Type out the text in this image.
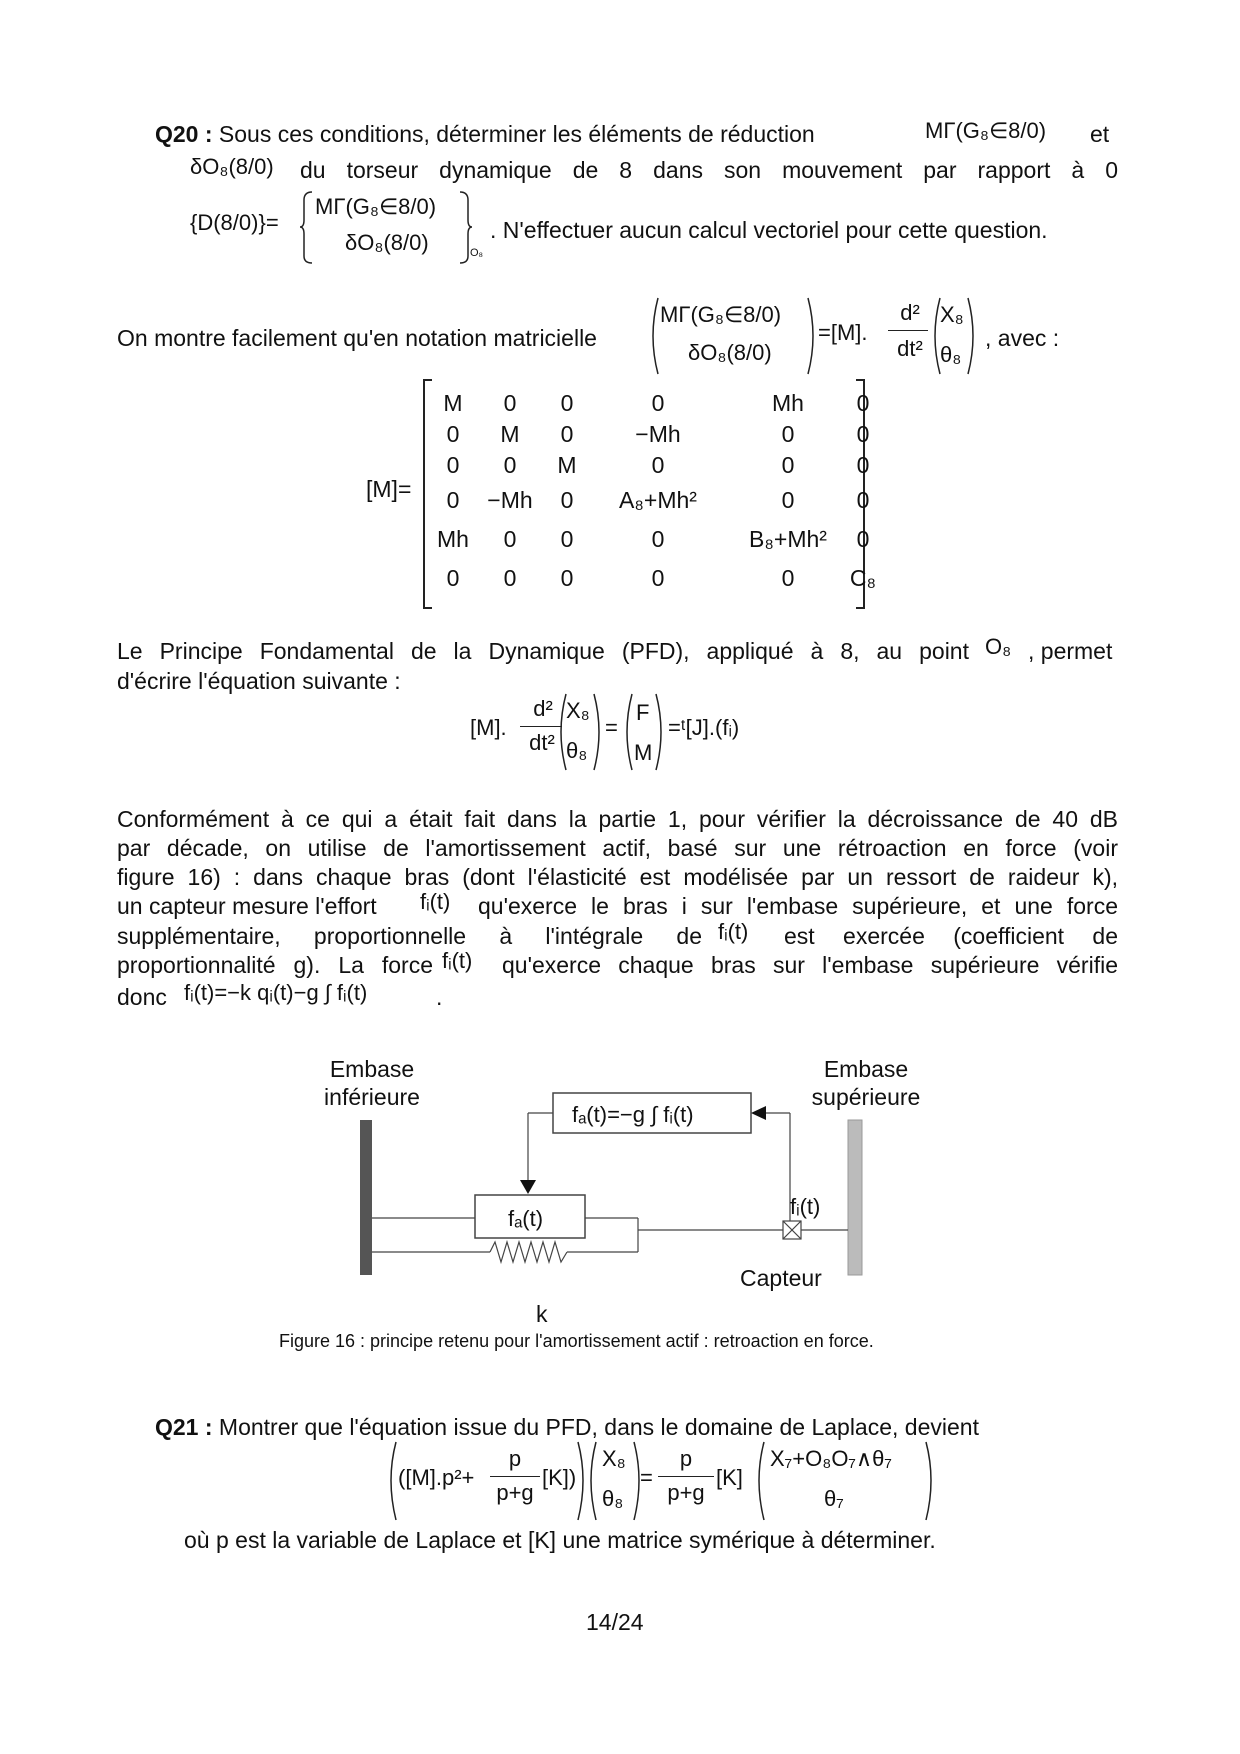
Q20 : Sous ces conditions, déterminer les éléments de réduction	MΓ(G₈∈8/0) et
δO₈(8/0) du torseur dynamique de 8 dans son mouvement par rapport à 0
{D(8/0)}=
MΓ(G₈∈8/0)
δO₈(8/0)	O₈
. N'effectuer aucun calcul vectoriel pour cette question.
On montre facilement qu'en notation matricielle
MΓ(G₈∈8/0)
δO₈(8/0)
=[M].
d²
dt²
X₈
θ₈
, avec :
[M]=
M	0	0	0	Mh	0
0	M	0	−Mh	0	0
0	0	M	0	0	0
0	−Mh	0	A₈+Mh²	0	0
Mh	0	0	0	B₈+Mh²	0
0	0	0	0	0	C₈
Le Principe Fondamental de la Dynamique (PFD), appliqué à 8, au point O₈ , permet
d'écrire l'équation suivante :
[M].
d²
dt²
X₈
θ₈
=
F
M
=ᵗ[J].(fᵢ)
Conformément à ce qui a était fait dans la partie 1, pour vérifier la décroissance de 40 dB
par décade, on utilise de l'amortissement actif, basé sur une rétroaction en force (voir
figure 16) : dans chaque bras (dont l'élasticité est modélisée par un ressort de raideur k),
un capteur mesure l'effort fᵢ(t) qu'exerce le bras i sur l'embase supérieure, et une force
supplémentaire, proportionnelle à l'intégrale de fᵢ(t) est exercée (coefficient de
proportionnalité g). La force fᵢ(t) qu'exerce chaque bras sur l'embase supérieure vérifie
donc fᵢ(t)=−k qᵢ(t)−g ∫ fᵢ(t)	.
Embase
inférieure
Embase
supérieure
fₐ(t)=−g ∫ fᵢ(t)
fₐ(t)	fᵢ(t)
Capteur
k
Figure 16 : principe retenu pour l'amortissement actif : retroaction en force.
Q21 : Montrer que l'équation issue du PFD, dans le domaine de Laplace, devient
([M].p²+
p
p+g
[K])
X₈
θ₈
=
p
p+g
[K]
X₇+O₈O₇∧θ₇
θ₇
où p est la variable de Laplace et [K] une matrice symérique à déterminer.
14/24
